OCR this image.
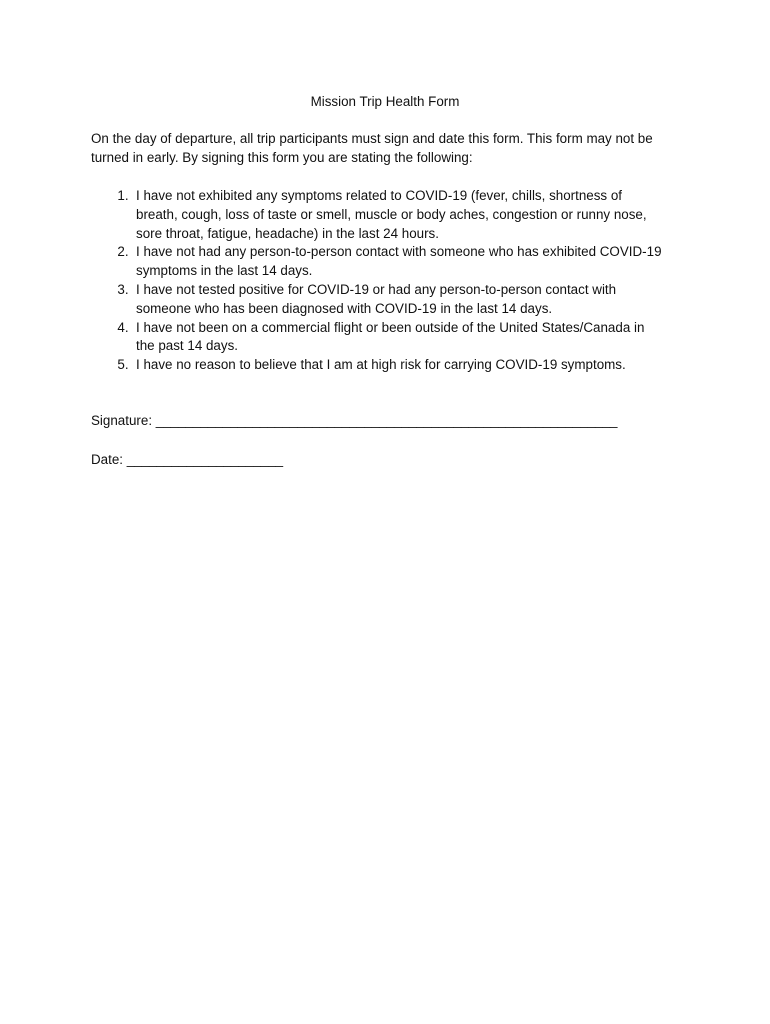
Mission Trip Health Form
On the day of departure, all trip participants must sign and date this form. This form may not be
turned in early. By signing this form you are stating the following:
1. I have not exhibited any symptoms related to COVID-19 (fever, chills, shortness of
breath, cough, loss of taste or smell, muscle or body aches, congestion or runny nose,
sore throat, fatigue, headache) in the last 24 hours.
2. I have not had any person-to-person contact with someone who has exhibited COVID-19
symptoms in the last 14 days.
3. I have not tested positive for COVID-19 or had any person-to-person contact with
someone who has been diagnosed with COVID-19 in the last 14 days.
4. I have not been on a commercial flight or been outside of the United States/Canada in
the past 14 days.
5. I have no reason to believe that I am at high risk for carrying COVID-19 symptoms.
Signature: ______________________________________________________________
Date: _____________________
